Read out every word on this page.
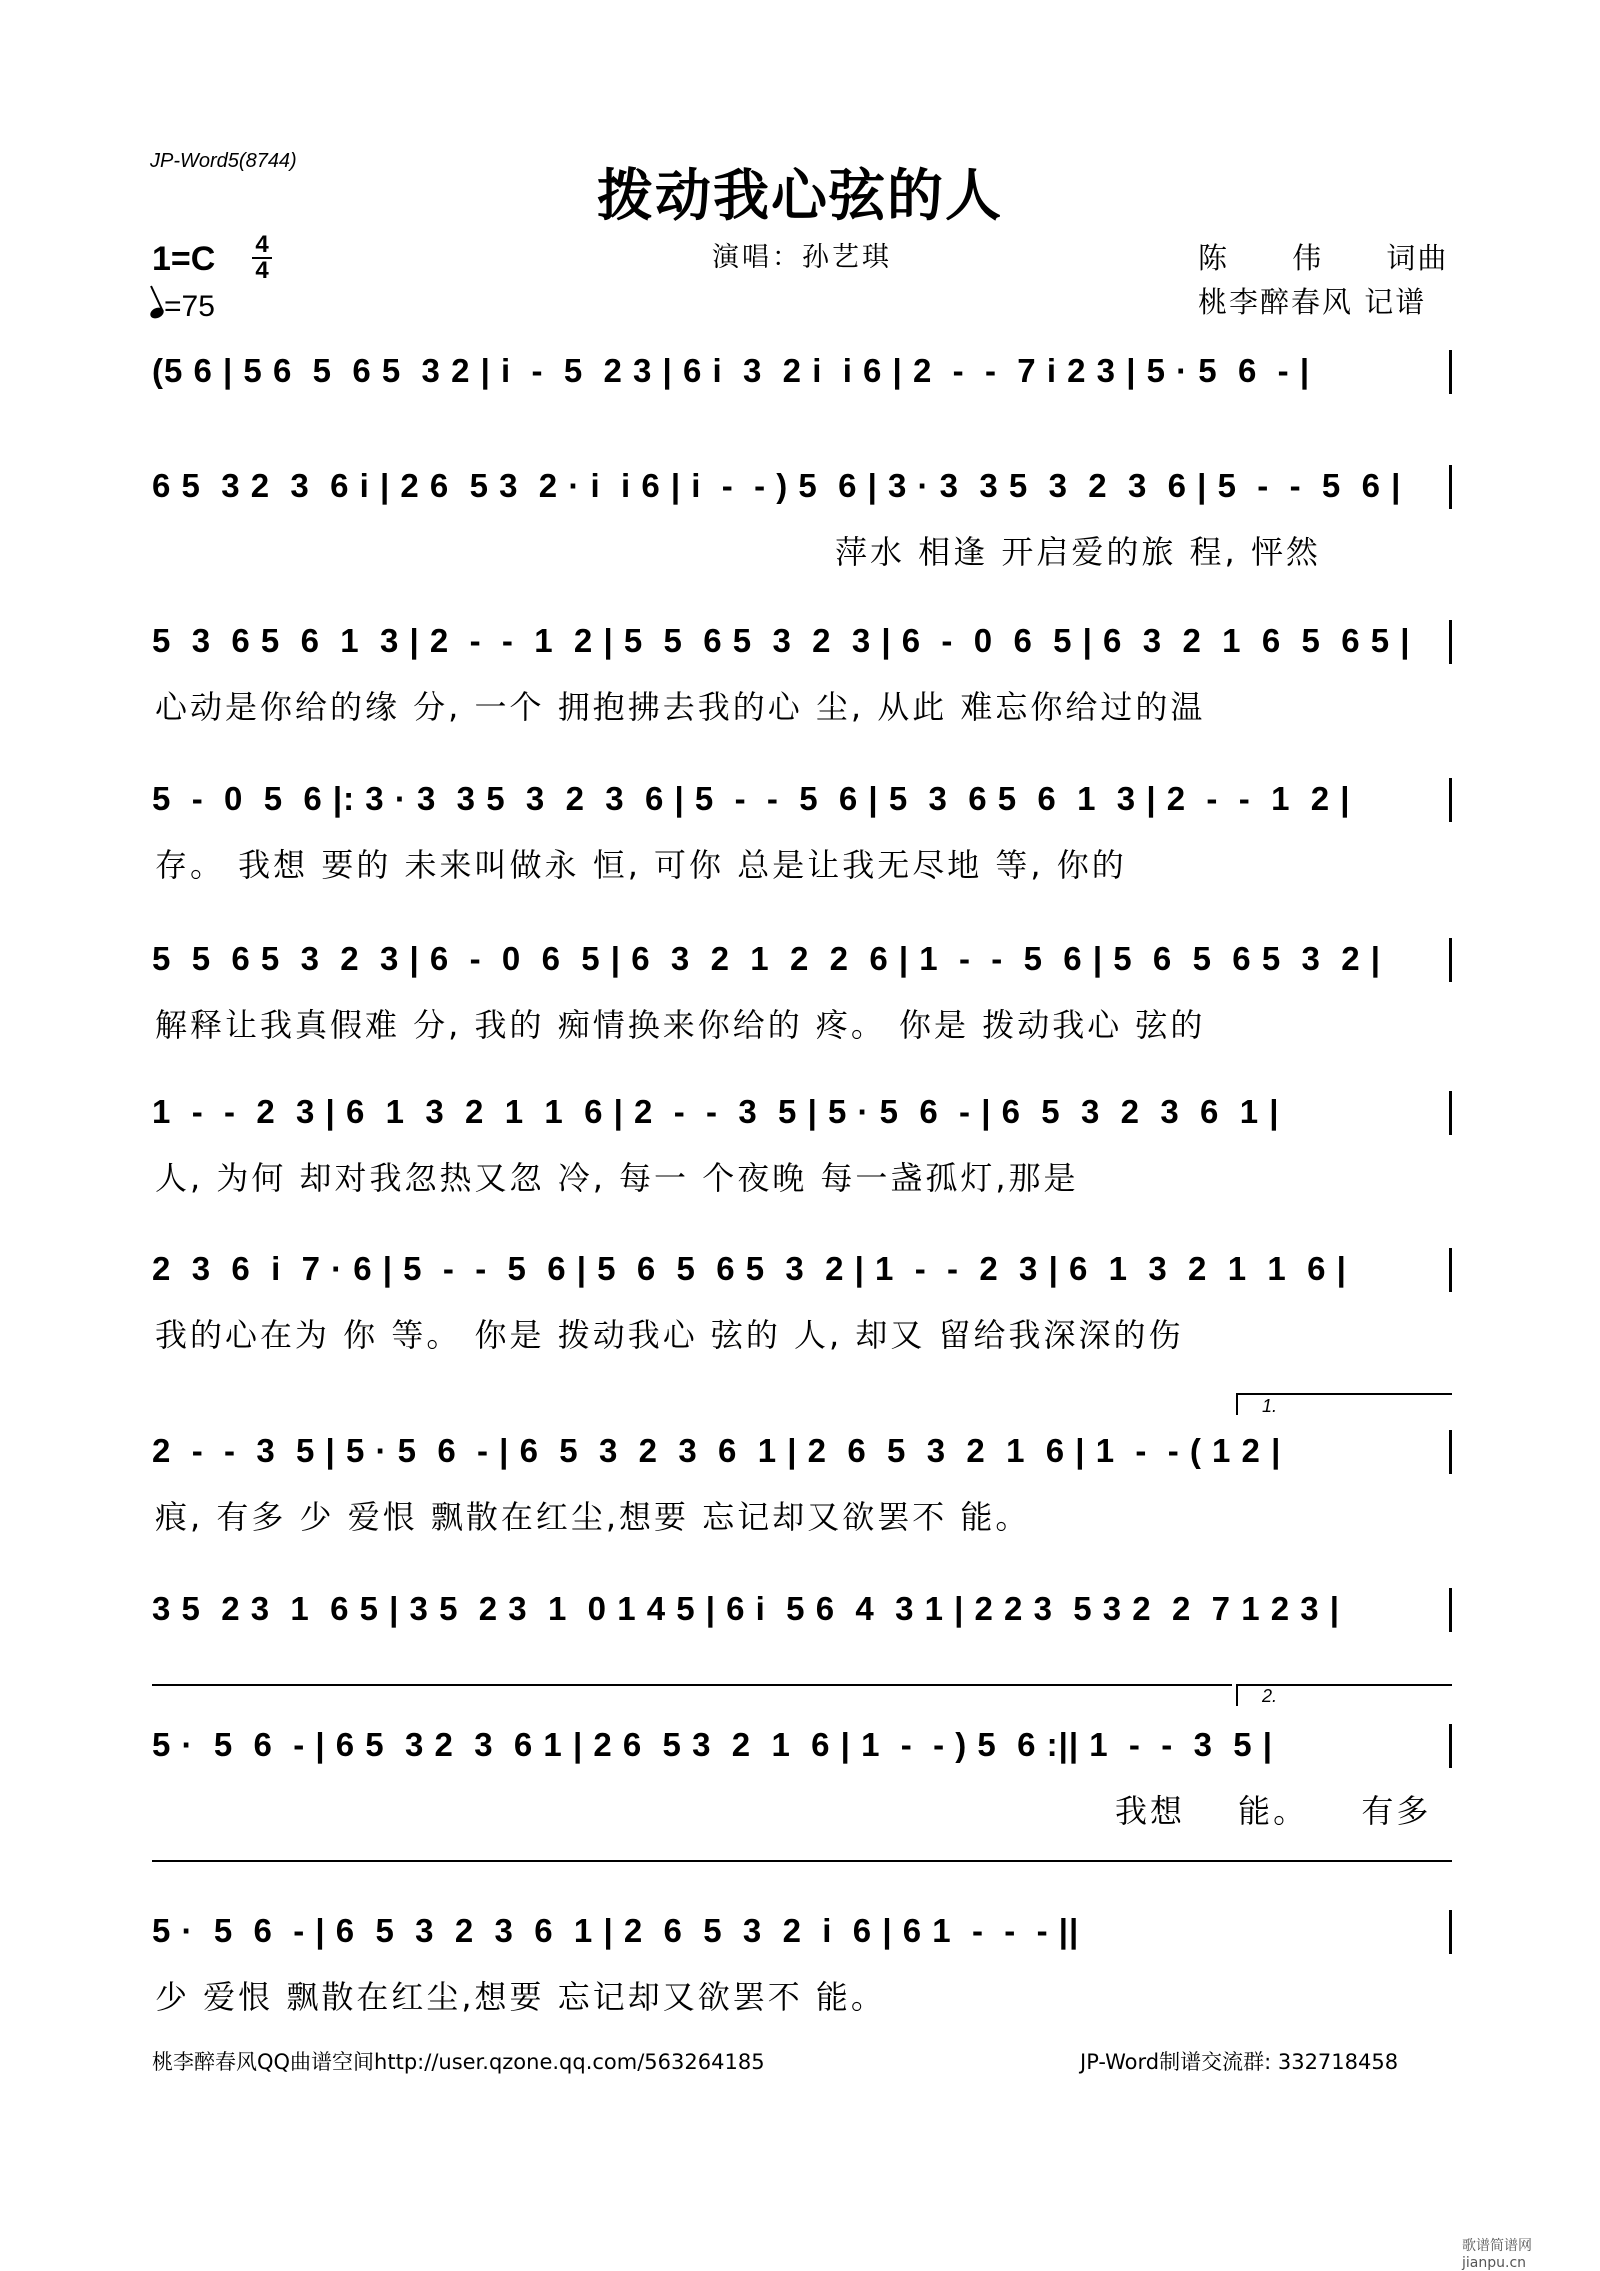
JP-Word5(8744)
拨动我心弦的人
演唱：孙艺琪	陈 伟 词曲
桃李醉春风 记谱
1=C 4
4
=75
(5 6 | 5 6  5  6 5  3 2 | i  -  5  2 3 | 6 i  3  2 i  i 6 | 2  -  -  7 i 2 3 | 5 · 5  6  - |
6 5  3 2  3  6 i | 2 6  5 3  2 · i  i 6 | i  -  - ) 5  6 | 3 · 3  3 5  3  2  3  6 | 5  -  -  5  6 |
萍水 相逢 开启爱的旅 程, 怦然
5  3  6 5  6  1  3 | 2  -  -  1  2 | 5  5  6 5  3  2  3 | 6  -  0  6  5 | 6  3  2  1  6  5  6 5 |
心动是你给的缘 分, 一个 拥抱拂去我的心 尘, 从此 难忘你给过的温
5  -  0  5  6 |: 3 · 3  3 5  3  2  3  6 | 5  -  -  5  6 | 5  3  6 5  6  1  3 | 2  -  -  1  2 |
存。 我想 要的 未来叫做永 恒, 可你 总是让我无尽地 等, 你的
5  5  6 5  3  2  3 | 6  -  0  6  5 | 6  3  2  1  2  2  6 | 1  -  -  5  6 | 5  6  5  6 5  3  2 |
解释让我真假难 分, 我的 痴情换来你给的 疼。 你是 拨动我心 弦的
1  -  -  2  3 | 6  1  3  2  1  1  6 | 2  -  -  3  5 | 5 · 5  6  - | 6  5  3  2  3  6  1 |
人, 为何 却对我忽热又忽 冷, 每一 个夜晚 每一盏孤灯,那是
2  3  6  i  7 · 6 | 5  -  -  5  6 | 5  6  5  6 5  3  2 | 1  -  -  2  3 | 6  1  3  2  1  1  6 |
我的心在为 你 等。 你是 拨动我心 弦的 人, 却又 留给我深深的伤
2  -  -  3  5 | 5 · 5  6  - | 6  5  3  2  3  6  1 | 2  6  5  3  2  1  6 | 1  -  - ( 1 2 |
痕, 有多 少 爱恨 飘散在红尘,想要 忘记却又欲罢不 能。
3 5  2 3  1  6 5 | 3 5  2 3  1  0 1 4 5 | 6 i  5 6  4  3 1 | 2 2 3  5 3 2  2  7 1 2 3 |
5 ·  5  6  - | 6 5  3 2  3  6 1 | 2 6  5 3  2  1  6 | 1  -  - ) 5  6 :|| 1  -  -  3  5 |
我想 能。 有多
5 ·  5  6  - | 6  5  3  2  3  6  1 | 2  6  5  3  2  i  6 | 6 1  -  -  - ||
少 爱恨 飘散在红尘,想要 忘记却又欲罢不 能。
1.
2.
桃李醉春风QQ曲谱空间http://user.qzone.qq.com/563264185	JP-Word制谱交流群: 332718458
歌谱简谱网 jianpu.cn
